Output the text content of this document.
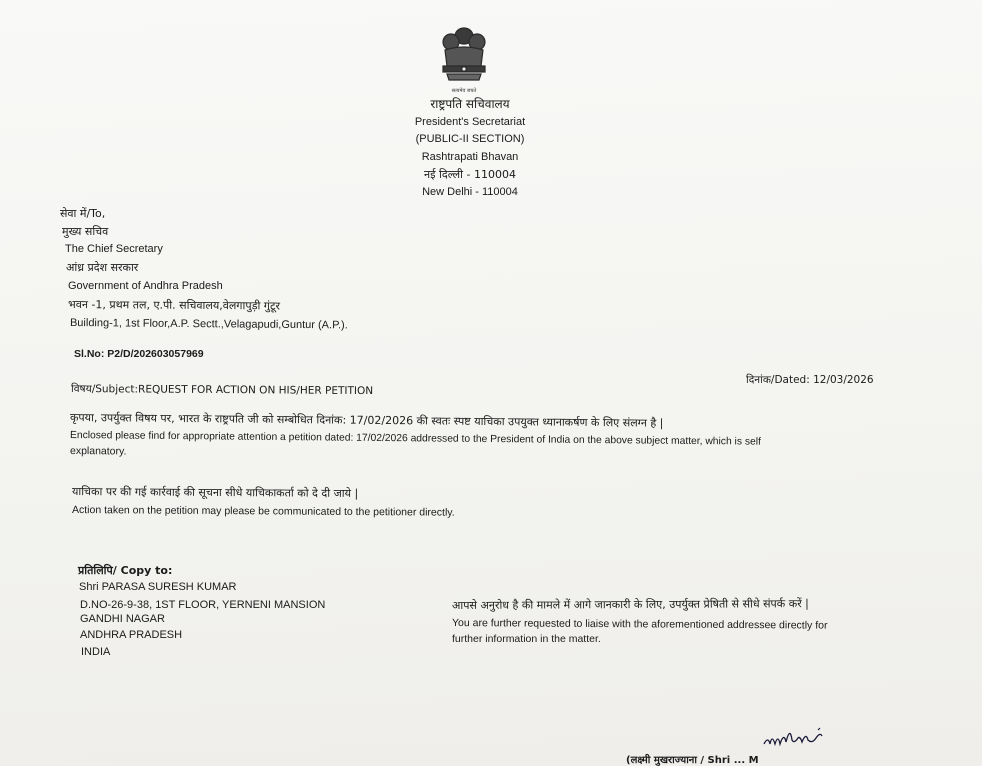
सत्यमेव जयते
राष्ट्रपति सचिवालय
President's Secretariat
(PUBLIC-II SECTION)
Rashtrapati Bhavan
नई दिल्ली - 110004
New Delhi - 110004
सेवा में/To,
मुख्य सचिव
The Chief Secretary
आंध्र प्रदेश सरकार
Government of Andhra Pradesh
भवन -1, प्रथम तल, ए.पी. सचिवालय,वेलगापुड़ी गुंटूर
Building-1, 1st Floor,A.P. Sectt.,Velagapudi,Guntur (A.P.).
Sl.No: P2/D/202603057969
विषय/Subject:REQUEST FOR ACTION ON HIS/HER PETITION
दिनांक/Dated: 12/03/2026
कृपया, उपर्युक्त विषय पर, भारत के राष्ट्रपति जी को सम्बोधित दिनांक: 17/02/2026 की स्वतः स्पष्ट याचिका उपयुक्त ध्यानाकर्षण के लिए संलग्न है |
Enclosed please find for appropriate attention a petition dated: 17/02/2026 addressed to the President of India on the above subject matter, which is self
explanatory.
याचिका पर की गई कार्रवाई की सूचना सीधे याचिकाकर्ता को दे दी जाये |
Action taken on the petition may please be communicated to the petitioner directly.
प्रतिलिपि/ Copy to:
Shri PARASA SURESH KUMAR
D.NO-26-9-38, 1ST FLOOR, YERNENI MANSION
GANDHI NAGAR
ANDHRA PRADESH
INDIA
आपसे अनुरोध है की मामले में आगे जानकारी के लिए, उपर्युक्त प्रेषिती से सीधे संपर्क करें |
You are further requested to liaise with the aforementioned addressee directly for
further information in the matter.
(लक्ष्मी मुखराज्याना / Shri ... M
